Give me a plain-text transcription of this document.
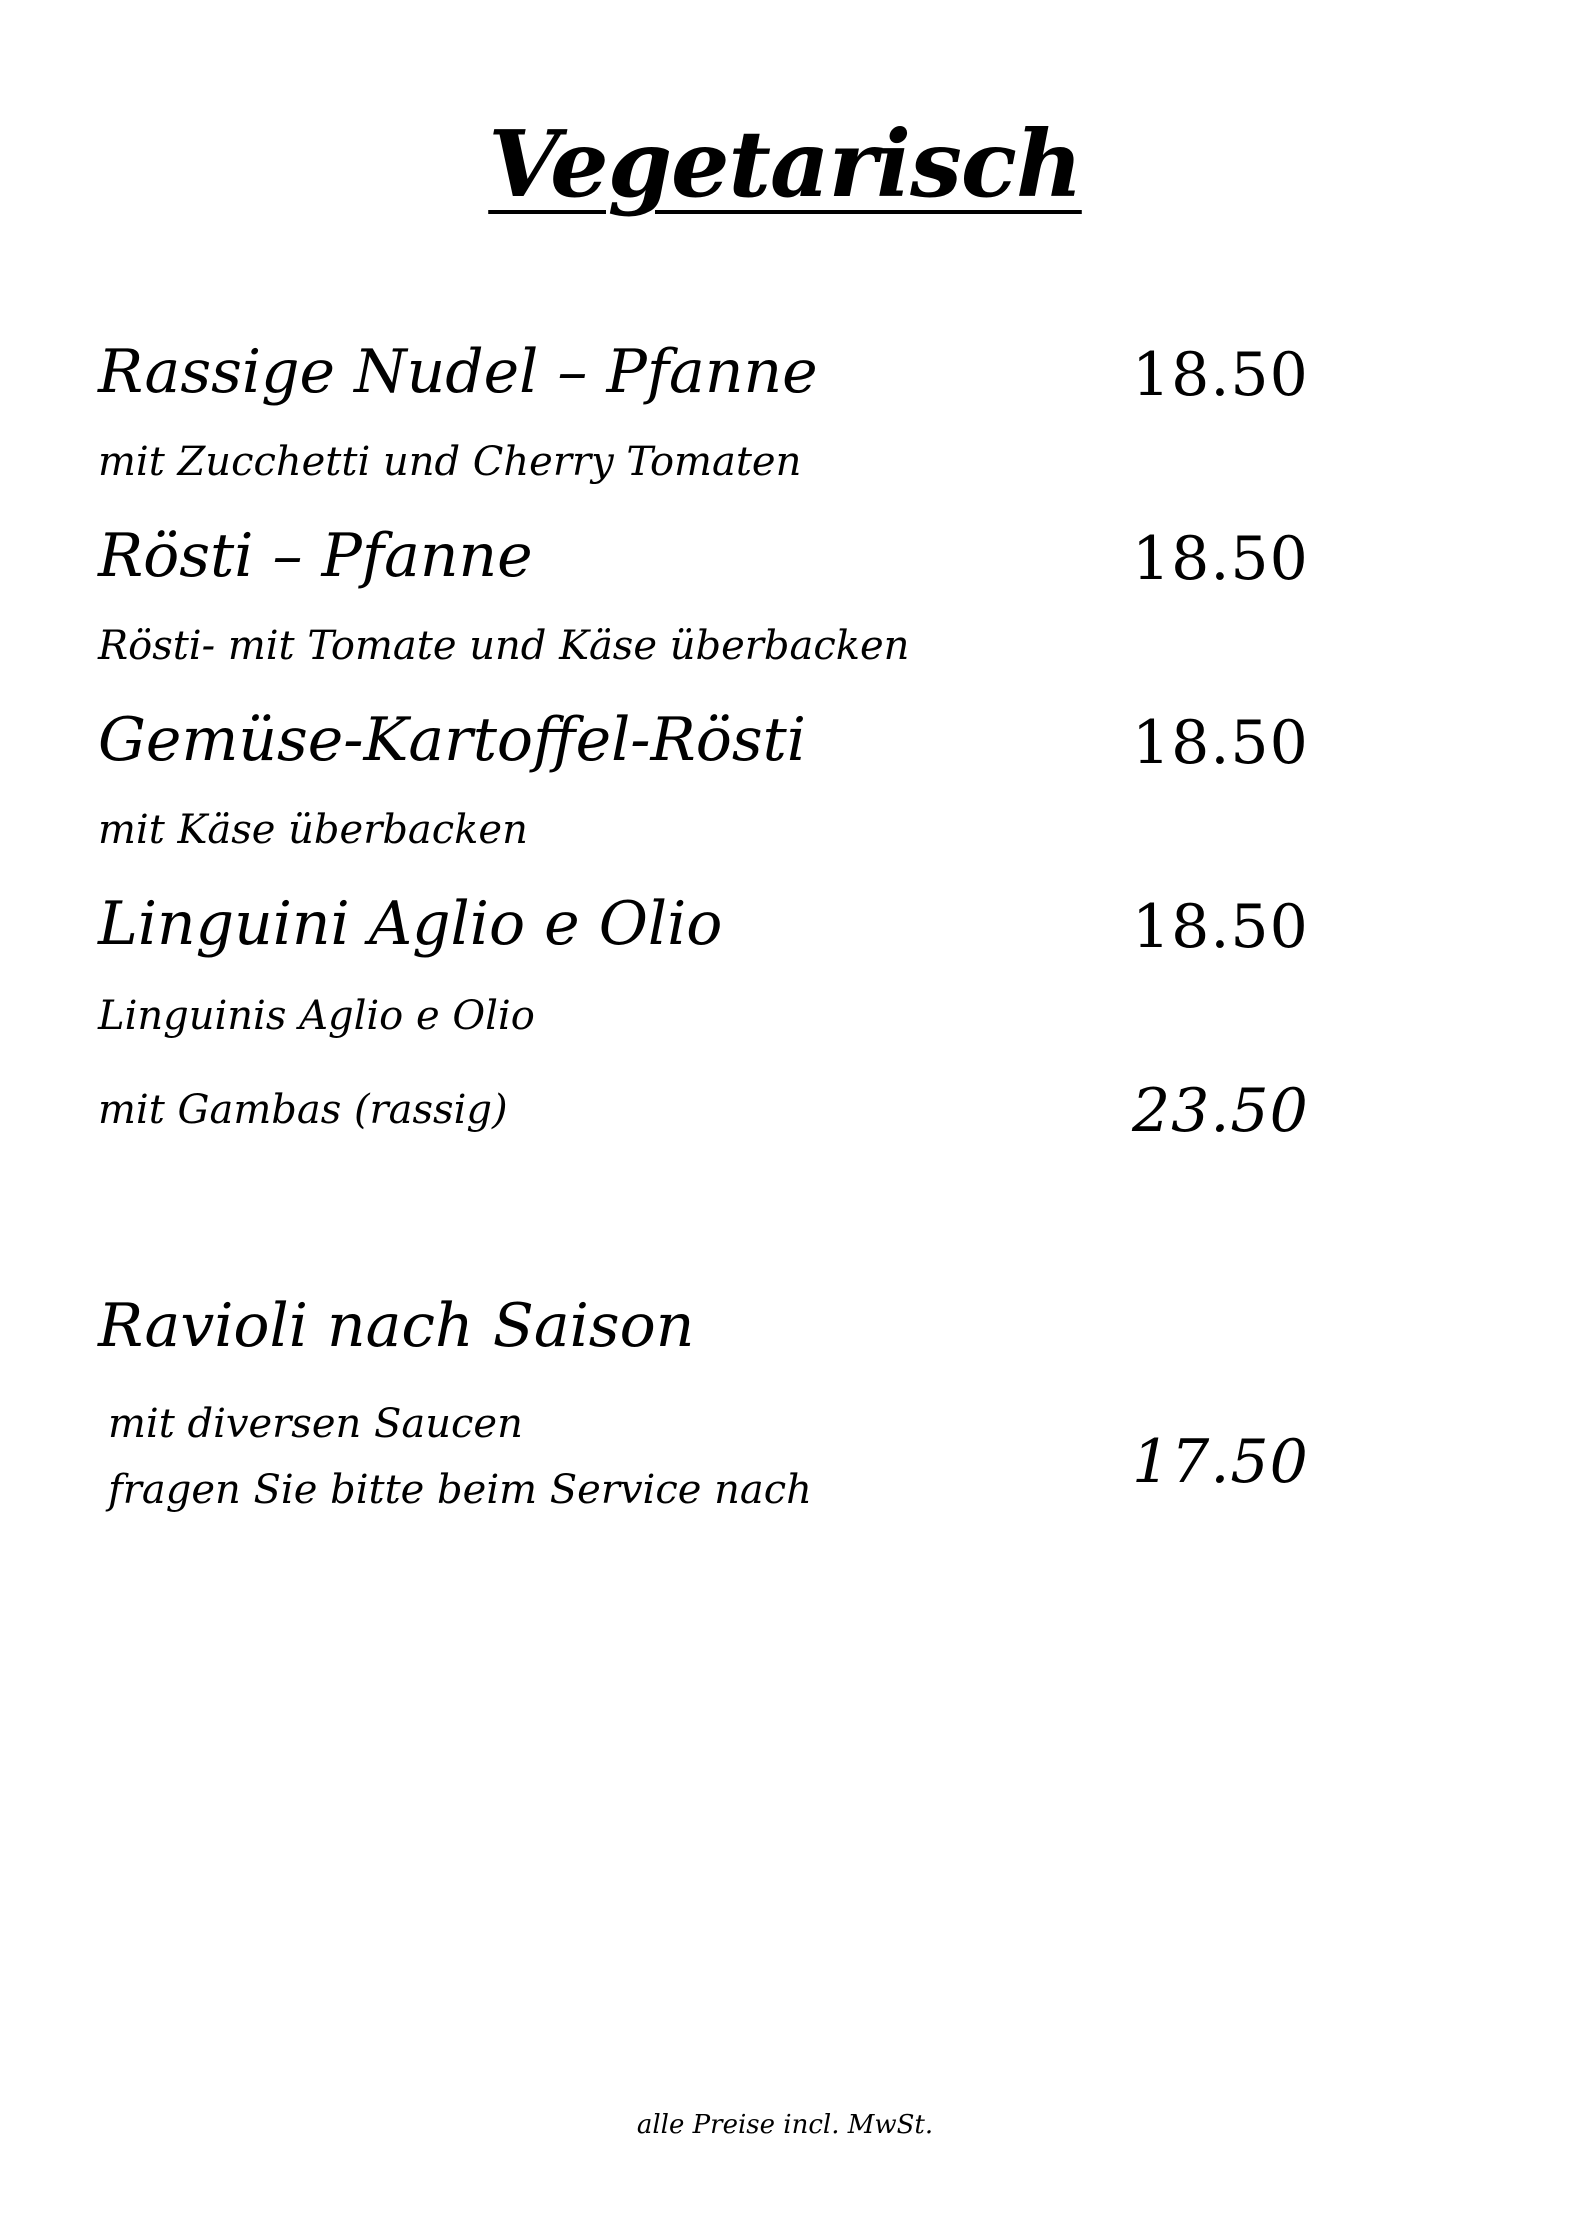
Vegetarisch
Rassige Nudel – Pfanne	18.50
mit Zucchetti und Cherry Tomaten
Rösti – Pfanne	18.50
Rösti- mit Tomate und Käse überbacken
Gemüse-Kartoffel-Rösti	18.50
mit Käse überbacken
Linguini Aglio e Olio	18.50
Linguinis Aglio e Olio
mit Gambas (rassig)	23.50
Ravioli nach Saison
mit diversen Saucen
fragen Sie bitte beim Service nach	17.50
alle Preise incl. MwSt.
